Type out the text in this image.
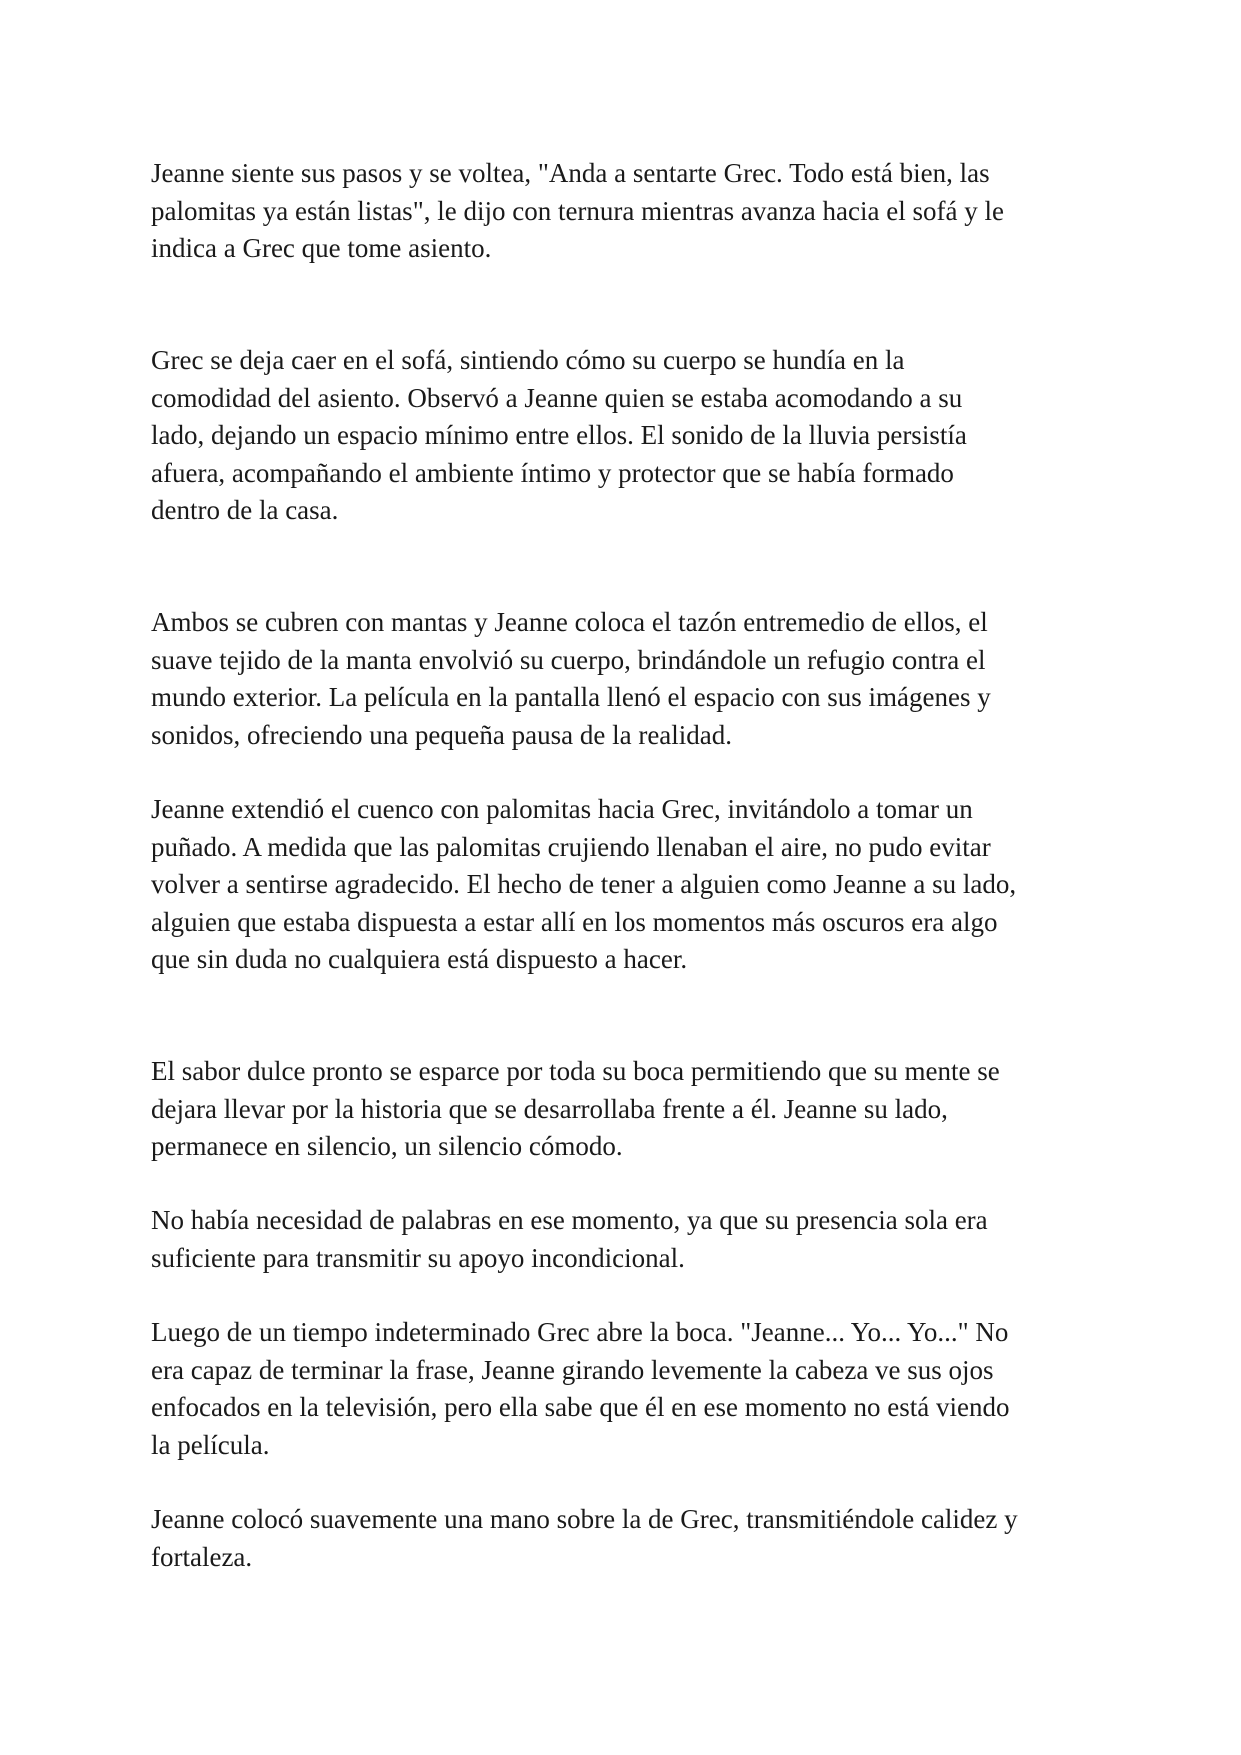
Jeanne siente sus pasos y se voltea, "Anda a sentarte Grec. Todo está bien, las
palomitas ya están listas", le dijo con ternura mientras avanza hacia el sofá y le
indica a Grec que tome asiento.

Grec se deja caer en el sofá, sintiendo cómo su cuerpo se hundía en la
comodidad del asiento. Observó a Jeanne quien se estaba acomodando a su
lado, dejando un espacio mínimo entre ellos. El sonido de la lluvia persistía
afuera, acompañando el ambiente íntimo y protector que se había formado
dentro de la casa.

Ambos se cubren con mantas y Jeanne coloca el tazón entremedio de ellos, el
suave tejido de la manta envolvió su cuerpo, brindándole un refugio contra el
mundo exterior. La película en la pantalla llenó el espacio con sus imágenes y
sonidos, ofreciendo una pequeña pausa de la realidad.

Jeanne extendió el cuenco con palomitas hacia Grec, invitándolo a tomar un
puñado. A medida que las palomitas crujiendo llenaban el aire, no pudo evitar
volver a sentirse agradecido. El hecho de tener a alguien como Jeanne a su lado,
alguien que estaba dispuesta a estar allí en los momentos más oscuros era algo
que sin duda no cualquiera está dispuesto a hacer.

El sabor dulce pronto se esparce por toda su boca permitiendo que su mente se
dejara llevar por la historia que se desarrollaba frente a él. Jeanne su lado,
permanece en silencio, un silencio cómodo.

No había necesidad de palabras en ese momento, ya que su presencia sola era
suficiente para transmitir su apoyo incondicional.

Luego de un tiempo indeterminado Grec abre la boca. "Jeanne... Yo... Yo..." No
era capaz de terminar la frase, Jeanne girando levemente la cabeza ve sus ojos
enfocados en la televisión, pero ella sabe que él en ese momento no está viendo
la película.

Jeanne colocó suavemente una mano sobre la de Grec, transmitiéndole calidez y
fortaleza.
